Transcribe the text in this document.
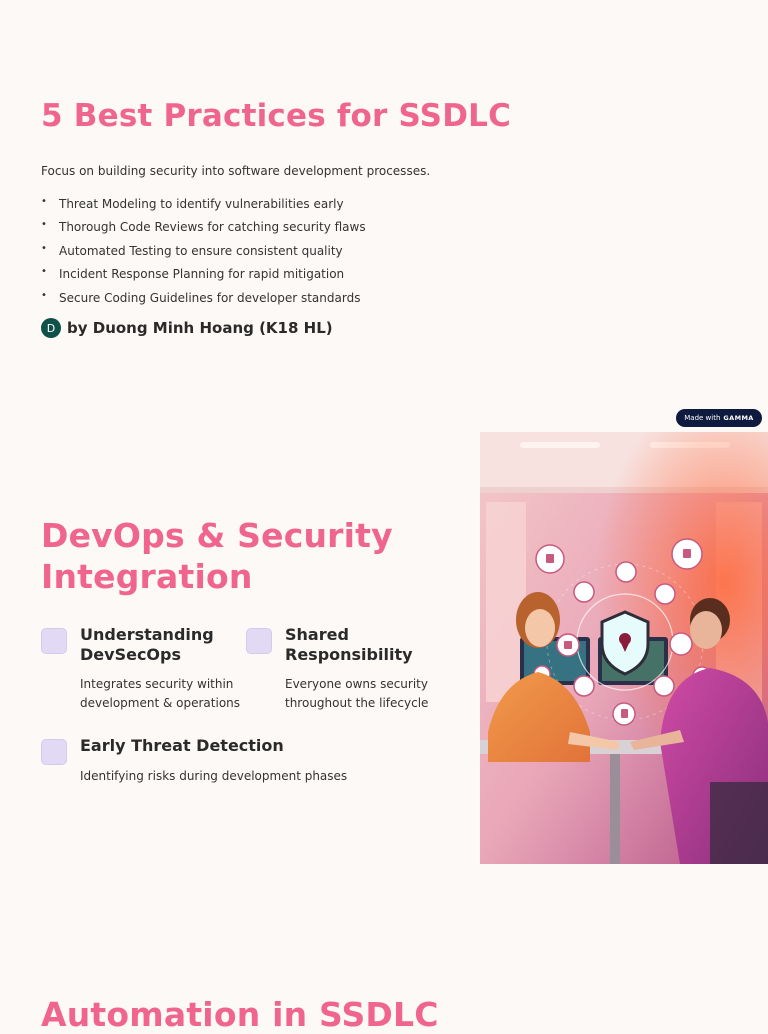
5 Best Practices for SSDLC
Focus on building security into software development processes.
• Threat Modeling to identify vulnerabilities early
• Thorough Code Reviews for catching security flaws
• Automated Testing to ensure consistent quality
• Incident Response Planning for rapid mitigation
• Secure Coding Guidelines for developer standards
D by Duong Minh Hoang (K18 HL)
Made with GAMMA
DevOps & Security
Integration
Understanding DevSecOps

Integrates security within development & operations

Shared Responsibility

Everyone owns security throughout the lifecycle

Early Threat Detection

Identifying risks during development phases

Automation in SSDLC
